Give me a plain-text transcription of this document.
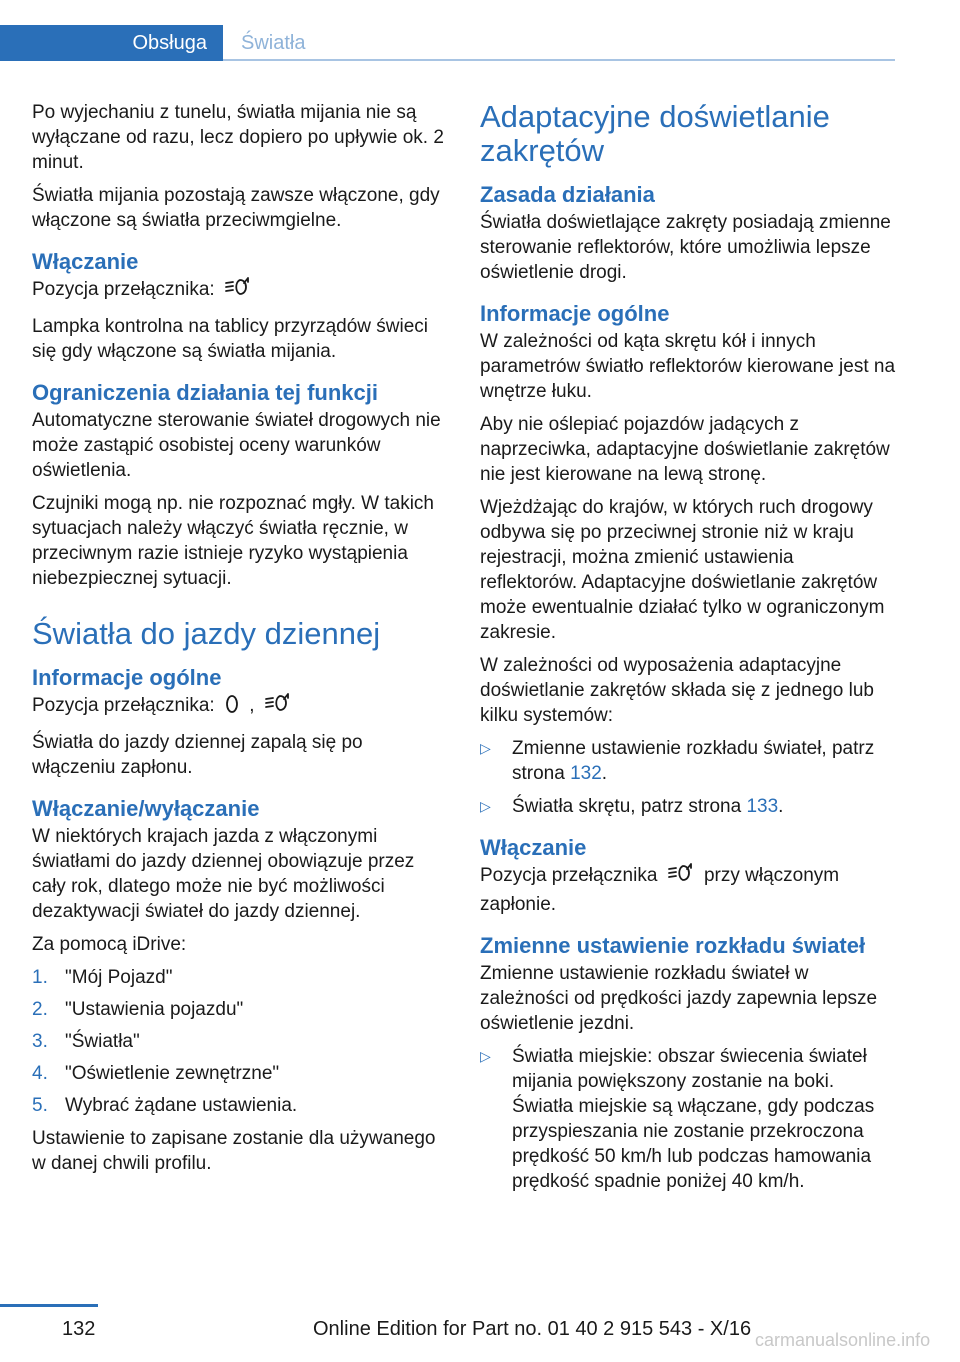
Obsługa Światła

Po wyjechaniu z tunelu, światła mijania nie są wyłączane od razu, lecz dopiero po upływie ok. 2 minut.

Światła mijania pozostają zawsze włączone, gdy włączone są światła przeciwmgielne.

Włączanie

Pozycja przełącznika:

Lampka kontrolna na tablicy przyrządów świeci się gdy włączone są światła mijania.

Ograniczenia działania tej funkcji

Automatyczne sterowanie świateł drogowych nie może zastąpić osobistej oceny warunków oświetlenia.

Czujniki mogą np. nie rozpoznać mgły. W takich sytuacjach należy włączyć światła ręcznie, w przeciwnym razie istnieje ryzyko wystąpienia niebezpiecznej sytuacji.

Światła do jazdy dziennej
Informacje ogólne

Pozycja przełącznika: ,

Światła do jazdy dziennej zapalą się po włączeniu zapłonu.

Włączanie/wyłączanie

W niektórych krajach jazda z włączonymi światłami do jazdy dziennej obowiązuje przez cały rok, dlatego może nie być możliwości dezaktywacji świateł do jazdy dziennej.

Za pomocą iDrive:

1. "Mój Pojazd"
2. "Ustawienia pojazdu"
3. "Światła"
4. "Oświetlenie zewnętrzne"
5. Wybrać żądane ustawienia.

Ustawienie to zapisane zostanie dla używanego w danej chwili profilu.

Adaptacyjne doświetlanie zakrętów
Zasada działania

Światła doświetlające zakręty posiadają zmienne sterowanie reflektorów, które umożliwia lepsze oświetlenie drogi.

Informacje ogólne

W zależności od kąta skrętu kół i innych parametrów światło reflektorów kierowane jest na wnętrze łuku.

Aby nie oślepiać pojazdów jadących z naprzeciwka, adaptacyjne doświetlanie zakrętów nie jest kierowane na lewą stronę.

Wjeżdżając do krajów, w których ruch drogowy odbywa się po przeciwnej stronie niż w kraju rejestracji, można zmienić ustawienia reflektorów. Adaptacyjne doświetlanie zakrętów może ewentualnie działać tylko w ograniczonym zakresie.

W zależności od wyposażenia adaptacyjne doświetlanie zakrętów składa się z jednego lub kilku systemów:

▷ Zmienne ustawienie rozkładu świateł, patrz strona 132.
▷ Światła skrętu, patrz strona 133.
Włączanie

Pozycja przełącznika przy włączonym zapłonie.

Zmienne ustawienie rozkładu świateł

Zmienne ustawienie rozkładu świateł w zależności od prędkości jazdy zapewnia lepsze oświetlenie jezdni.

▷ Światła miejskie: obszar świecenia świateł mijania powiększony zostanie na boki.
Światła miejskie są włączane, gdy podczas przyspieszania nie zostanie przekroczona prędkość 50 km/h lub podczas hamowania prędkość spadnie poniżej 40 km/h.
132	Online Edition for Part no. 01 40 2 915 543 - X/16 carmanualsonline.info
